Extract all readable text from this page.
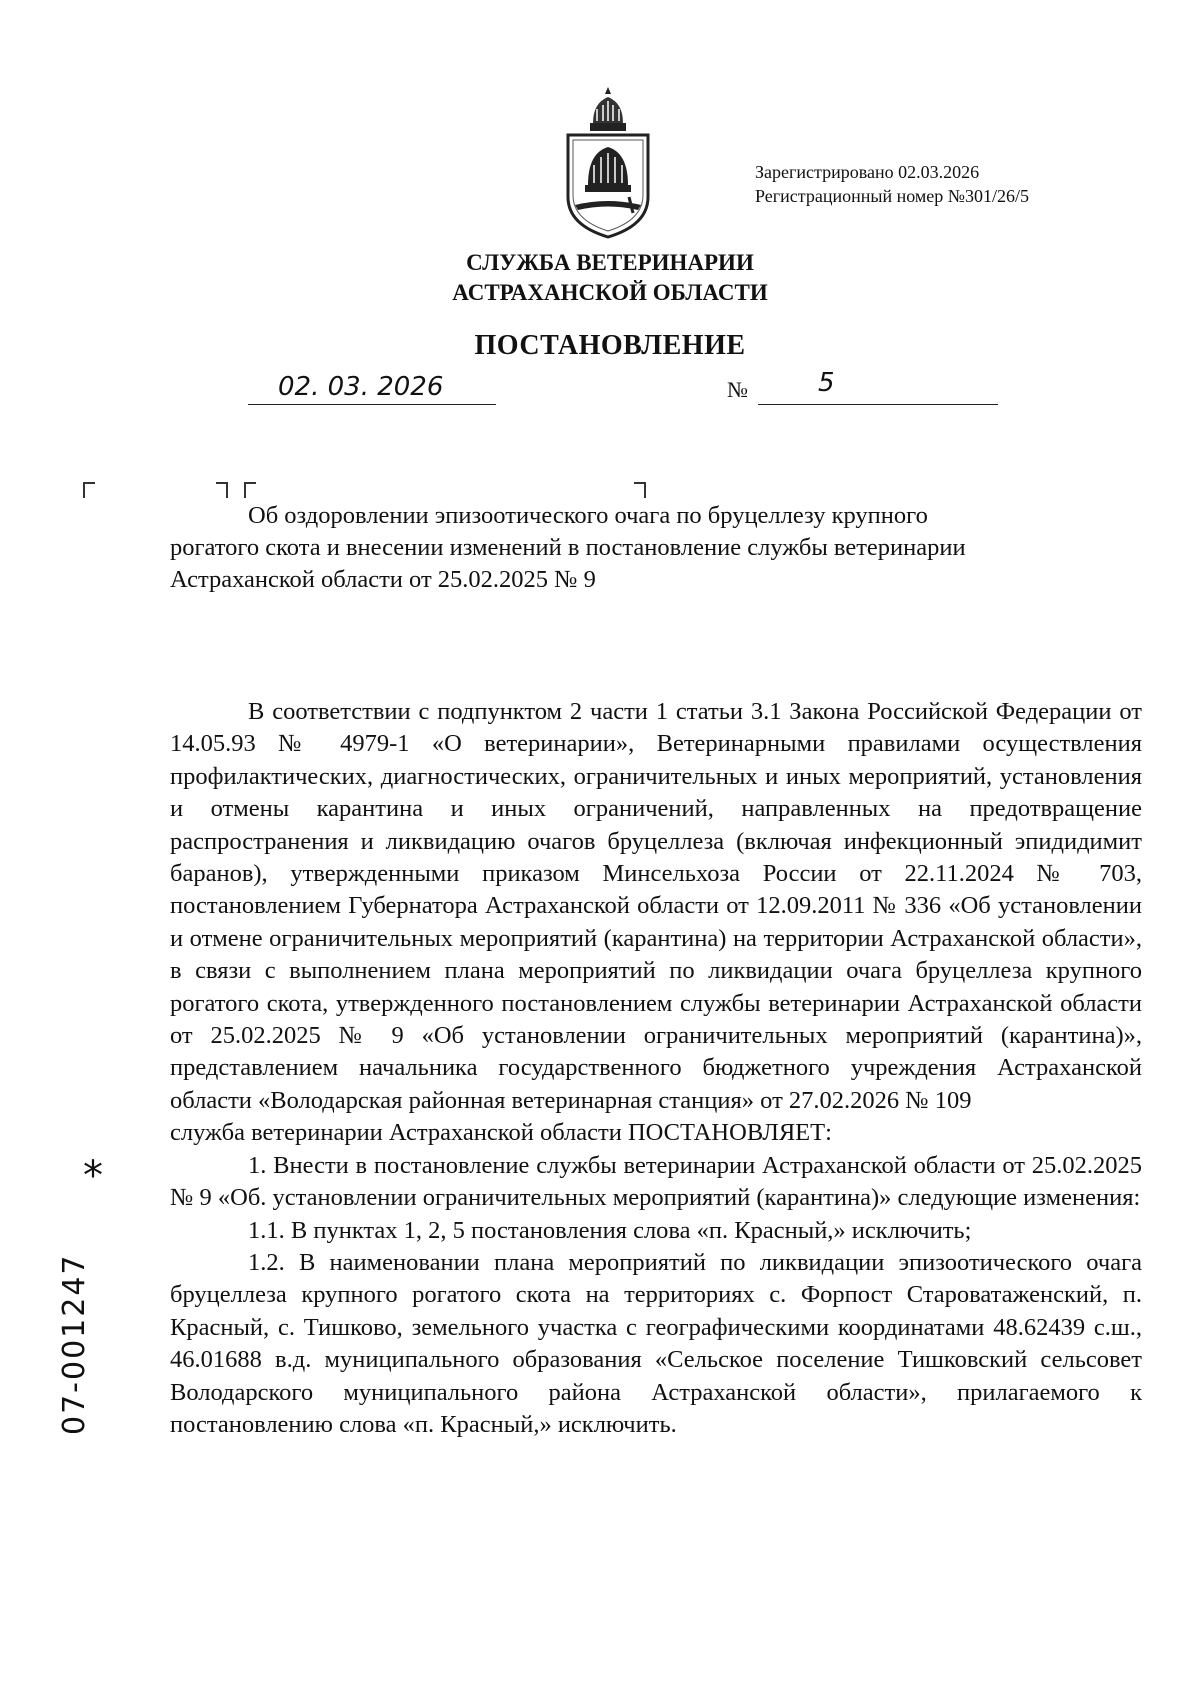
Зарегистрировано 02.03.2026
Регистрационный номер №301/26/5
СЛУЖБА ВЕТЕРИНАРИИ
АСТРАХАНСКОЙ ОБЛАСТИ
ПОСТАНОВЛЕНИЕ
02. 03. 2026	№	5
Об оздоровлении эпизоотического очага по бруцеллезу крупного
рогатого скота и внесении изменений в постановление службы ветеринарии
Астраханской области от 25.02.2025 № 9

В соответствии с подпунктом 2 части 1 статьи 3.1 Закона Российской Федерации от 14.05.93 № 4979-1 «О ветеринарии», Ветеринарными правилами осуществления профилактических, диагностических, ограничительных и иных мероприятий, установления и отмены карантина и иных ограничений, направленных на предотвращение распространения и ликвидацию очагов бруцеллеза (включая инфекционный эпидидимит баранов), утвержденными приказом Минсельхоза России от 22.11.2024 № 703, постановлением Губернатора Астраханской области от 12.09.2011 № 336 «Об установлении и отмене ограничительных мероприятий (карантина) на территории Астраханской области», в связи с выполнением плана мероприятий по ликвидации очага бруцеллеза крупного рогатого скота, утвержденного постановлением службы ветеринарии Астраханской области от 25.02.2025 № 9 «Об установлении ограничительных мероприятий (карантина)», представлением начальника государственного бюджетного учреждения Астраханской области «Володарская районная ветеринарная станция» от 27.02.2026 № 109

служба ветеринарии Астраханской области ПОСТАНОВЛЯЕТ:

1. Внести в постановление службы ветеринарии Астраханской области от 25.02.2025 № 9 «Об. установлении ограничительных мероприятий (карантина)» следующие изменения:

1.1. В пунктах 1, 2, 5 постановления слова «п. Красный,» исключить;

1.2. В наименовании плана мероприятий по ликвидации эпизоотического очага бруцеллеза крупного рогатого скота на территориях с. Форпост Староватаженский, п. Красный, с. Тишково, земельного участка с географическими координатами 48.62439 с.ш., 46.01688 в.д. муниципального образования «Сельское поселение Тишковский сельсовет Володарского муниципального района Астраханской области», прилагаемого к постановлению слова «п. Красный,» исключить.

*
07-001247
